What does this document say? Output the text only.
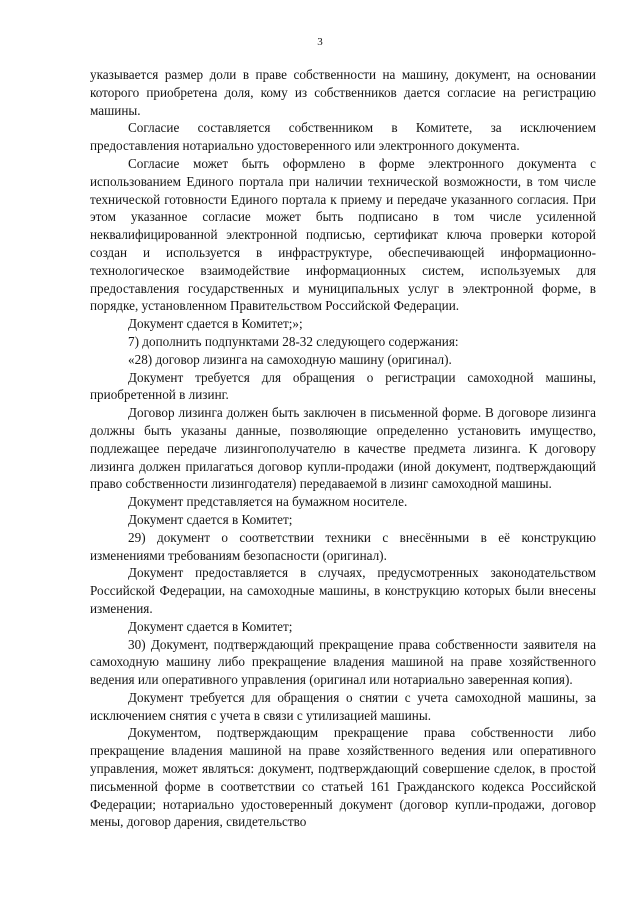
3

указывается размер доли в праве собственности на машину, документ, на основании которого приобретена доля, кому из собственников дается согласие на регистрацию машины.

Согласие составляется собственником в Комитете, за исключением предоставления нотариально удостоверенного или электронного документа.

Согласие может быть оформлено в форме электронного документа с использованием Единого портала при наличии технической возможности, в том числе технической готовности Единого портала к приему и передаче указанного согласия. При этом указанное согласие может быть подписано в том числе усиленной неквалифицированной электронной подписью, сертификат ключа проверки которой создан и используется в инфраструктуре, обеспечивающей информационно-технологическое взаимодействие информационных систем, используемых для предоставления государственных и муниципальных услуг в электронной форме, в порядке, установленном Правительством Российской Федерации.

Документ сдается в Комитет;»;

7) дополнить подпунктами 28-32 следующего содержания:

«28) договор лизинга на самоходную машину (оригинал).

Документ требуется для обращения о регистрации самоходной машины, приобретенной в лизинг.

Договор лизинга должен быть заключен в письменной форме. В договоре лизинга должны быть указаны данные, позволяющие определенно установить имущество, подлежащее передаче лизингополучателю в качестве предмета лизинга. К договору лизинга должен прилагаться договор купли-продажи (иной документ, подтверждающий право собственности лизингодателя) передаваемой в лизинг самоходной машины.

Документ представляется на бумажном носителе.

Документ сдается в Комитет;

29) документ о соответствии техники с внесёнными в её конструкцию изменениями требованиям безопасности (оригинал).

Документ предоставляется в случаях, предусмотренных законодательством Российской Федерации, на самоходные машины, в конструкцию которых были внесены изменения.

Документ сдается в Комитет;

30) Документ, подтверждающий прекращение права собственности заявителя на самоходную машину либо прекращение владения машиной на праве хозяйственного ведения или оперативного управления (оригинал или нотариально заверенная копия).

Документ требуется для обращения о снятии с учета самоходной машины, за исключением снятия с учета в связи с утилизацией машины.

Документом, подтверждающим прекращение права собственности либо прекращение владения машиной на праве хозяйственного ведения или оперативного управления, может являться: документ, подтверждающий совершение сделок, в простой письменной форме в соответствии со статьей 161 Гражданского кодекса Российской Федерации; нотариально удостоверенный документ (договор купли-продажи, договор мены, договор дарения, свидетельство
